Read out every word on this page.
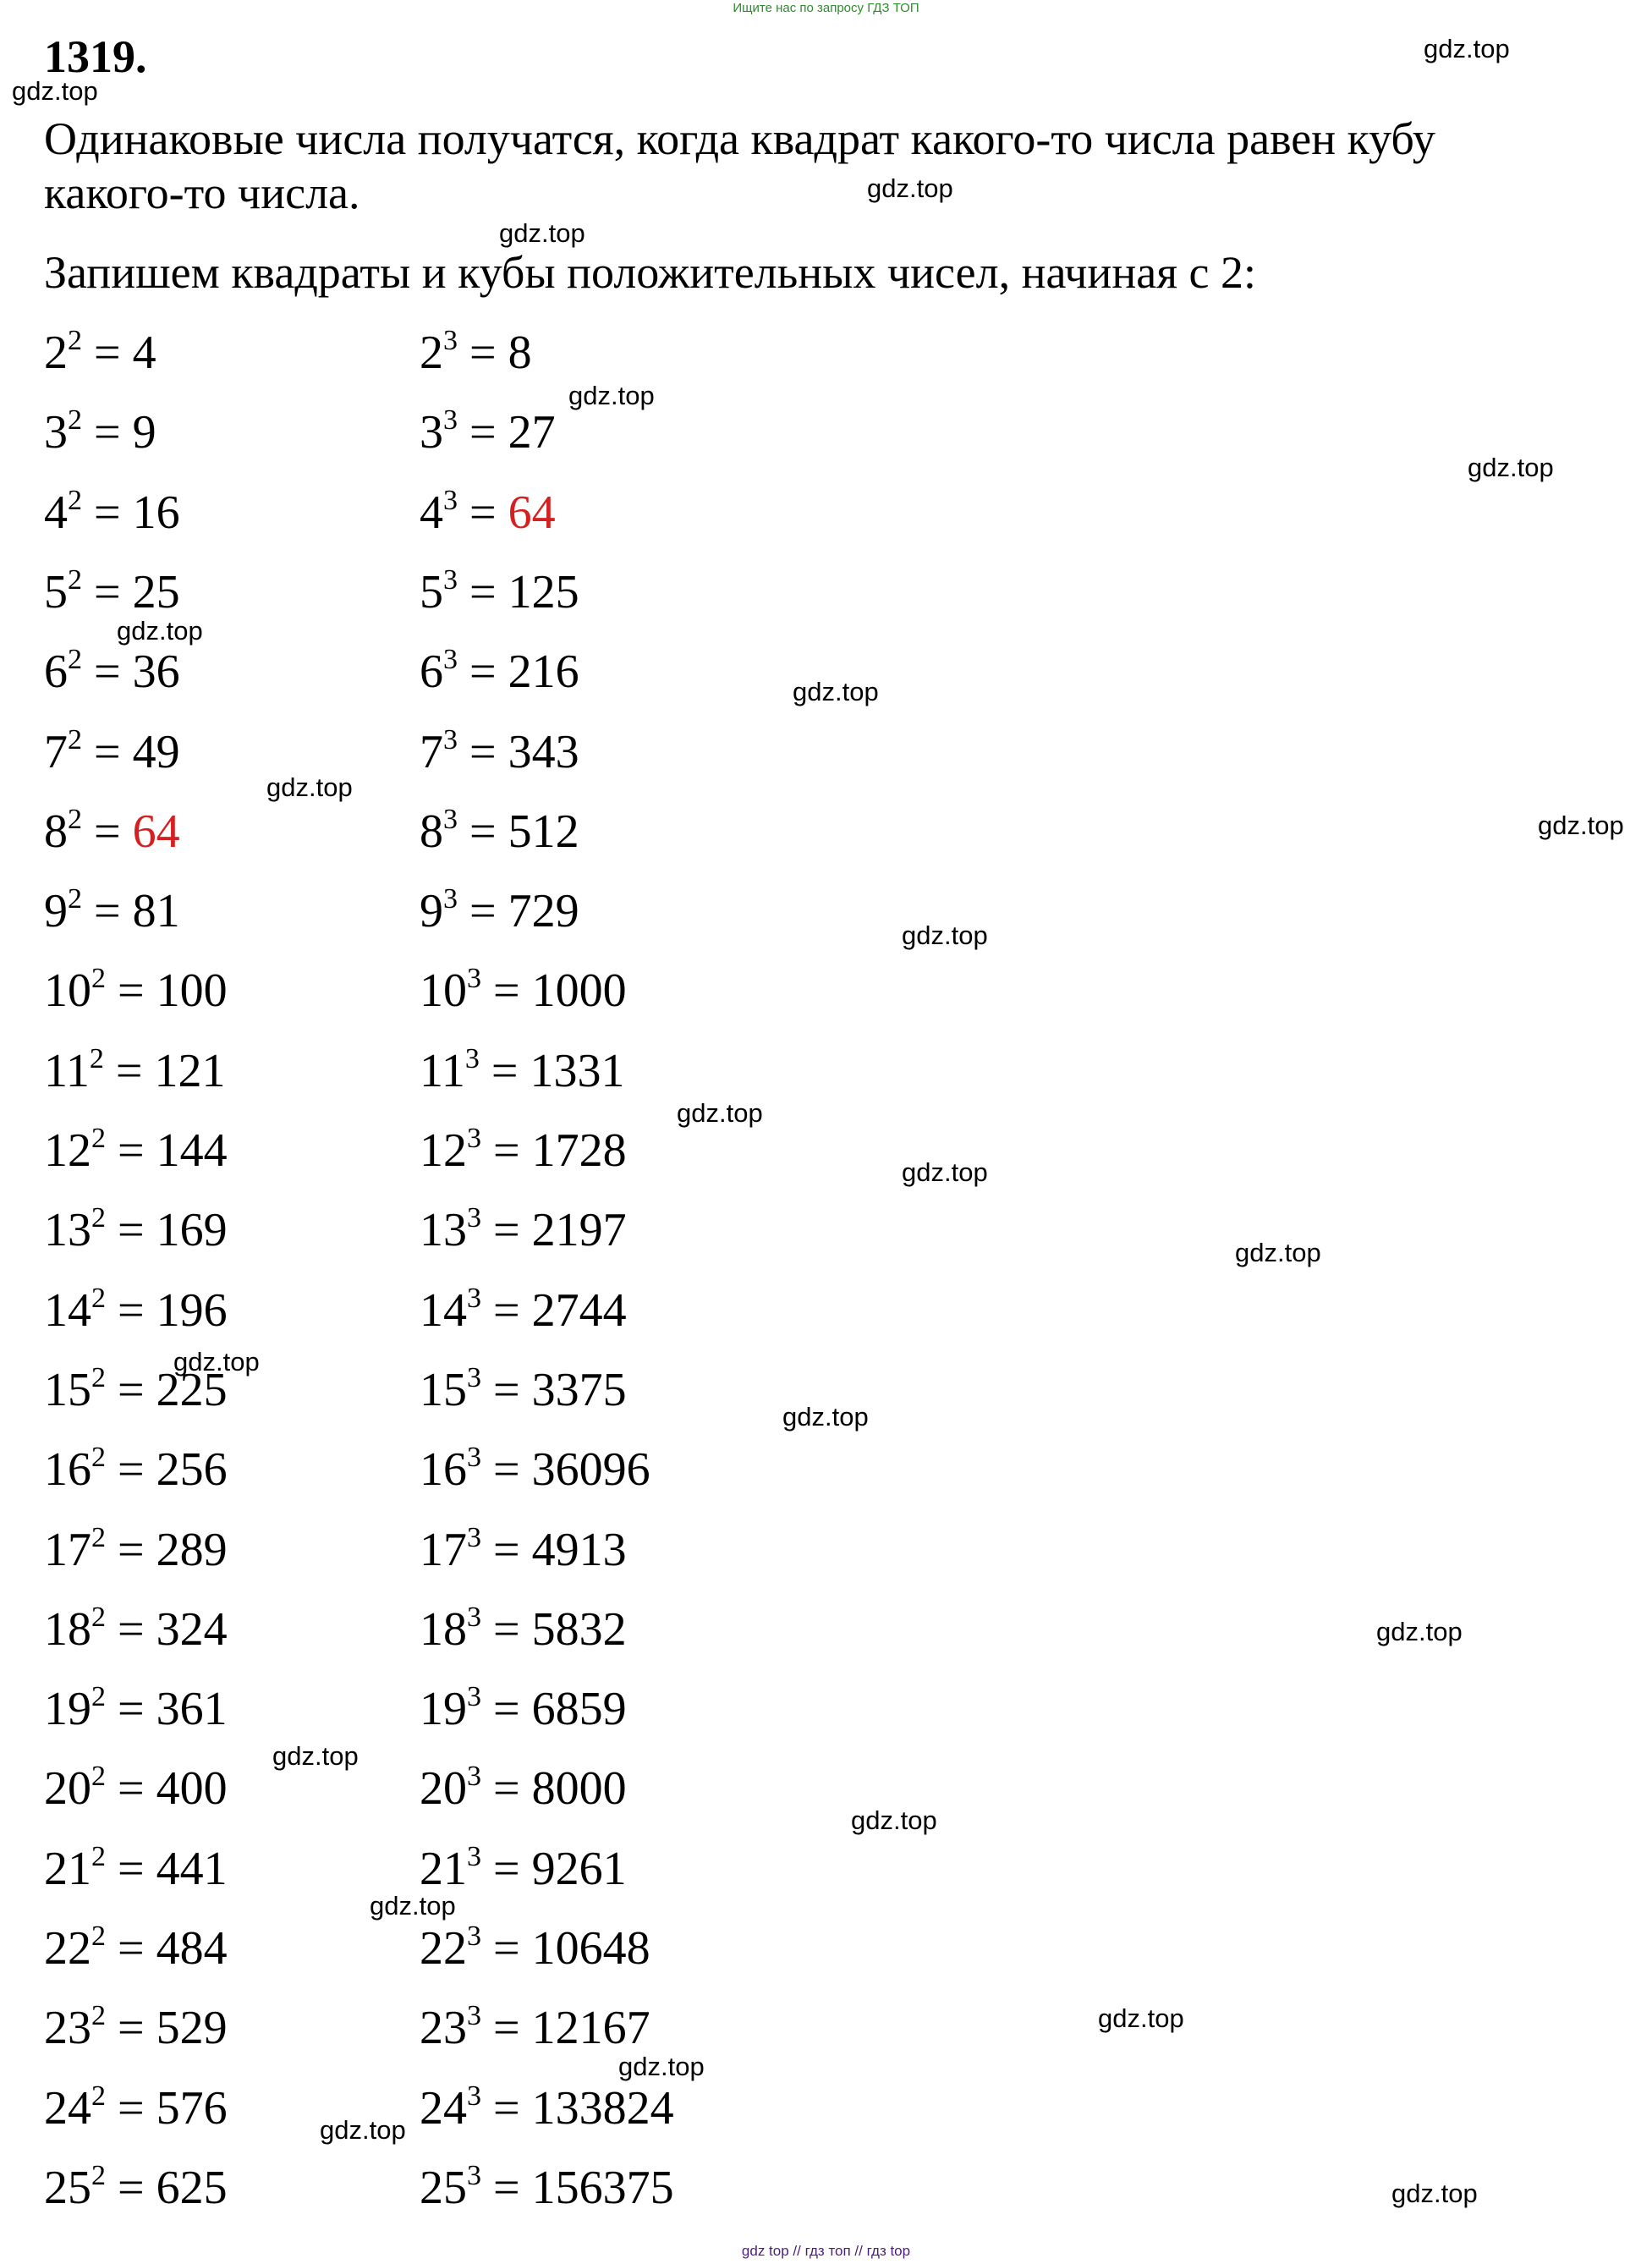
Ищите нас по запросу ГДЗ ТОП
1319.
Одинаковые числа получатся, когда квадрат какого-то числа равен кубу
какого-то числа.
Запишем квадраты и кубы положительных чисел, начиная с 2:
$2^2 = 4$	$2^3 = 8$
$3^2 = 9$	$3^3 = 27$
$4^2 = 16$	$4^3 = 64$
$5^2 = 25$	$5^3 = 125$
$6^2 = 36$	$6^3 = 216$
$7^2 = 49$	$7^3 = 343$
$8^2 = 64$	$8^3 = 512$
$9^2 = 81$	$9^3 = 729$
$10^2 = 100$	$10^3 = 1000$
$11^2 = 121$	$11^3 = 1331$
$12^2 = 144$	$12^3 = 1728$
$13^2 = 169$	$13^3 = 2197$
$14^2 = 196$	$14^3 = 2744$
$15^2 = 225$	$15^3 = 3375$
$16^2 = 256$	$16^3 = 36096$
$17^2 = 289$	$17^3 = 4913$
$18^2 = 324$	$18^3 = 5832$
$19^2 = 361$	$19^3 = 6859$
$20^2 = 400$	$20^3 = 8000$
$21^2 = 441$	$21^3 = 9261$
$22^2 = 484$	$22^3 = 10648$
$23^2 = 529$	$23^3 = 12167$
$24^2 = 576$	$24^3 = 133824$
$25^2 = 625$	$25^3 = 156375$
gdz.top
gdz.top
gdz.top
gdz.top
gdz.top
gdz.top
gdz.top
gdz.top
gdz.top
gdz.top
gdz.top
gdz.top
gdz.top
gdz.top
gdz.top
gdz.top
gdz.top
gdz.top
gdz.top
gdz.top
gdz.top
gdz.top
gdz.top
gdz.top
gdz top // гдз топ // гдз top
